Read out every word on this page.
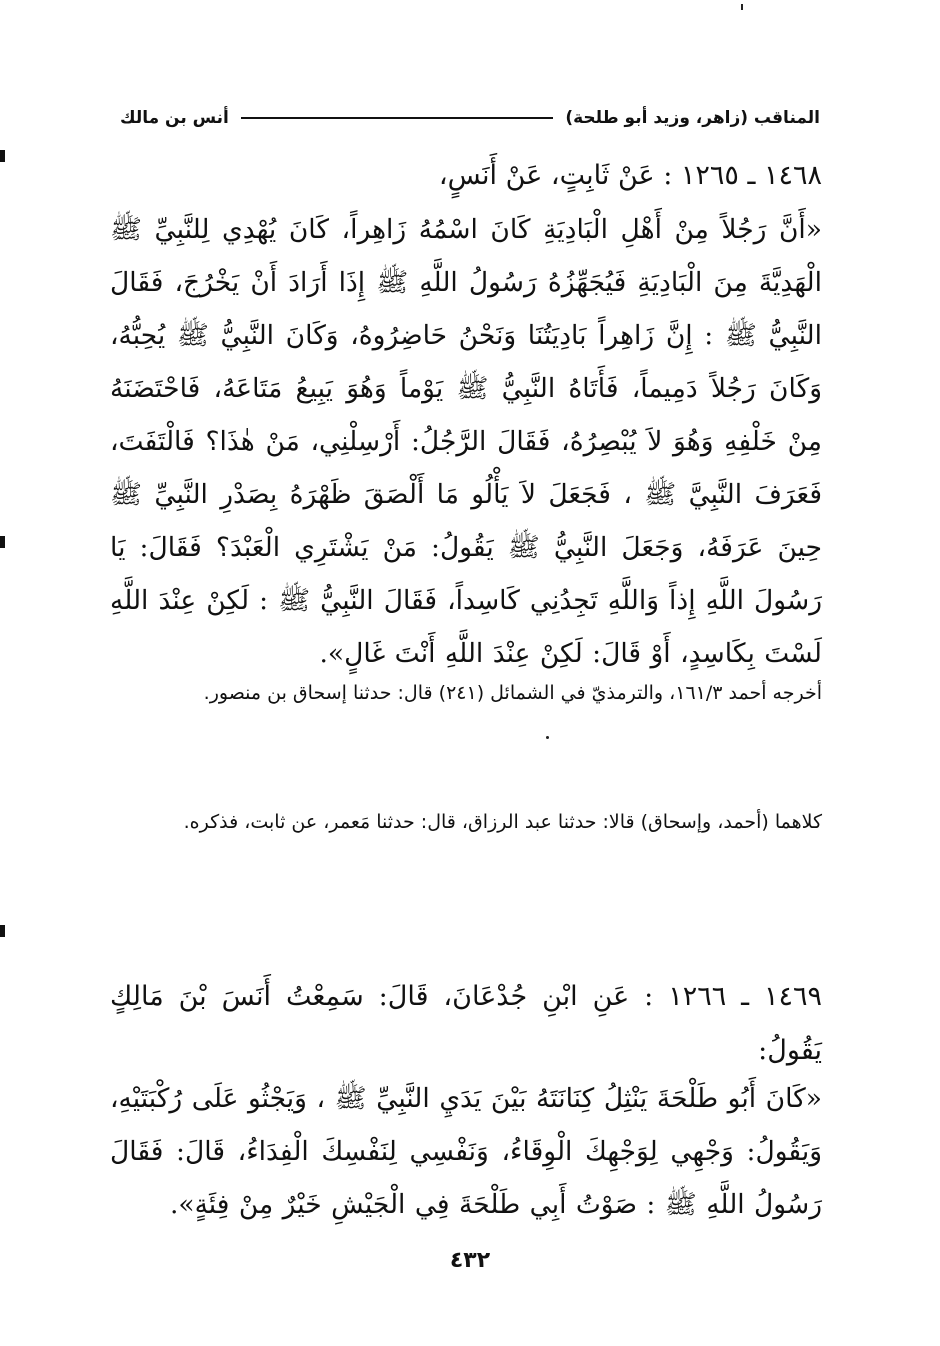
المناقب (زاهر، وزيد أبو طلحة)
أنس بن مالك
١٤٦٨ ـ ١٢٦٥ : عَنْ ثَابِتٍ، عَنْ أَنَسٍ،
«أَنَّ رَجُلاً مِنْ أَهْلِ الْبَادِيَةِ كَانَ اسْمُهُ زَاهِراً، كَانَ يُهْدِي لِلنَّبِيِّ ﷺ الْهَدِيَّةَ مِنَ الْبَادِيَةِ فَيُجَهِّزُهُ رَسُولُ اللَّهِ ﷺ إِذَا أَرَادَ أَنْ يَخْرُجَ، فَقَالَ النَّبِيُّ ﷺ : إِنَّ زَاهِراً بَادِيَتُنَا وَنَحْنُ حَاضِرُوهُ، وَكَانَ النَّبِيُّ ﷺ يُحِبُّهُ، وَكَانَ رَجُلاً دَمِيماً، فَأَتَاهُ النَّبِيُّ ﷺ يَوْماً وَهُوَ يَبِيعُ مَتَاعَهُ، فَاحْتَضَنَهُ مِنْ خَلْفِهِ وَهُوَ لاَ يُبْصِرُهُ، فَقَالَ الرَّجُلُ: أَرْسِلْنِي، مَنْ هٰذَا؟ فَالْتَفَتَ، فَعَرَفَ النَّبِيَّ ﷺ ، فَجَعَلَ لاَ يَأْلُو مَا أَلْصَقَ ظَهْرَهُ بِصَدْرِ النَّبِيِّ ﷺ حِينَ عَرَفَهُ، وَجَعَلَ النَّبِيُّ ﷺ يَقُولُ: مَنْ يَشْتَرِي الْعَبْدَ؟ فَقَالَ: يَا رَسُولَ اللَّهِ إِذاً وَاللَّهِ تَجِدُنِي كَاسِداً، فَقَالَ النَّبِيُّ ﷺ : لَكِنْ عِنْدَ اللَّهِ لَسْتَ بِكَاسِدٍ، أَوْ قَالَ: لَكِنْ عِنْدَ اللَّهِ أَنْتَ غَالٍ».
أخرجه أحمد ١٦١/٣، والترمذيّ في الشمائل (٢٤١) قال: حدثنا إسحاق بن منصور.
كلاهما (أحمد، وإسحاق) قالا: حدثنا عبد الرزاق، قال: حدثنا مَعمر، عن ثابت، فذكره.
١٤٦٩ ـ ١٢٦٦ : عَنِ ابْنِ جُدْعَانَ، قَالَ: سَمِعْتُ أَنَسَ بْنَ مَالِكٍ يَقُولُ:
«كَانَ أَبُو طَلْحَةَ يَنْثِلُ كِنَانَتَهُ بَيْنَ يَدَيِ النَّبِيِّ ﷺ ، وَيَجْثُو عَلَى رُكْبَتَيْهِ، وَيَقُولُ: وَجْهِي لِوَجْهِكَ الْوِقَاءُ، وَنَفْسِي لِنَفْسِكَ الْفِدَاءُ، قَالَ: فَقَالَ رَسُولُ اللَّهِ ﷺ : صَوْتُ أَبِي طَلْحَةَ فِي الْجَيْشِ خَيْرٌ مِنْ فِئَةٍ».
٤٣٢
